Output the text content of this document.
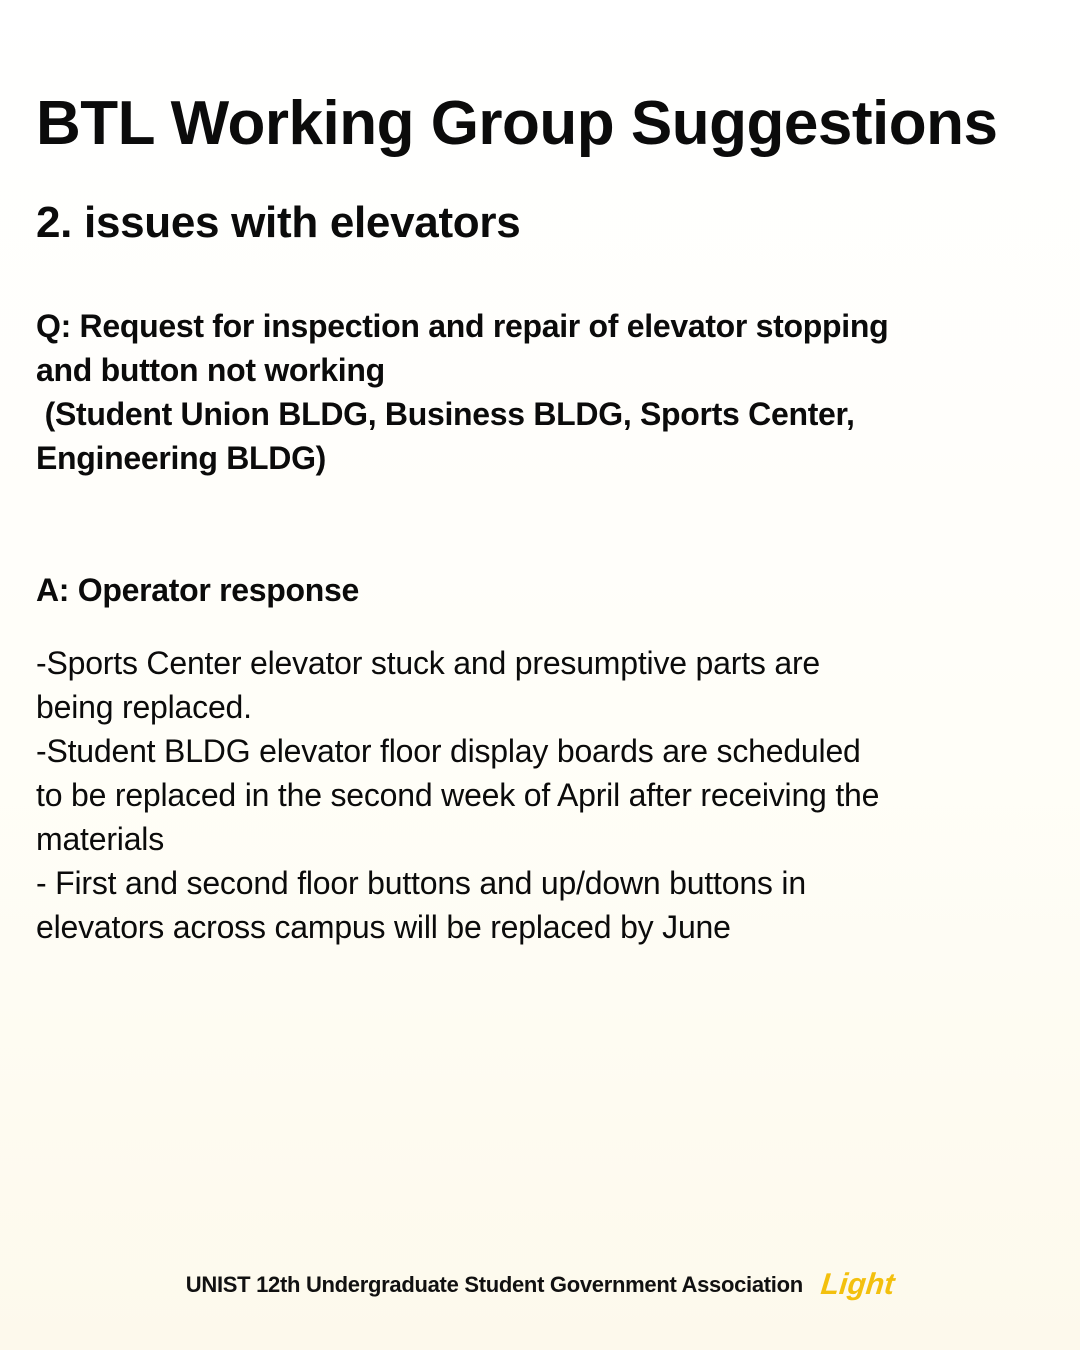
BTL Working Group Suggestions
2. issues with elevators

Q: Request for inspection and repair of elevator stopping
and button not working
(Student Union BLDG, Business BLDG, Sports Center,
Engineering BLDG)

A: Operator response

-Sports Center elevator stuck and presumptive parts are
being replaced.
-Student BLDG elevator floor display boards are scheduled
to be replaced in the second week of April after receiving the
materials
- First and second floor buttons and up/down buttons in
elevators across campus will be replaced by June

UNIST 12th Undergraduate Student Government Association Light
